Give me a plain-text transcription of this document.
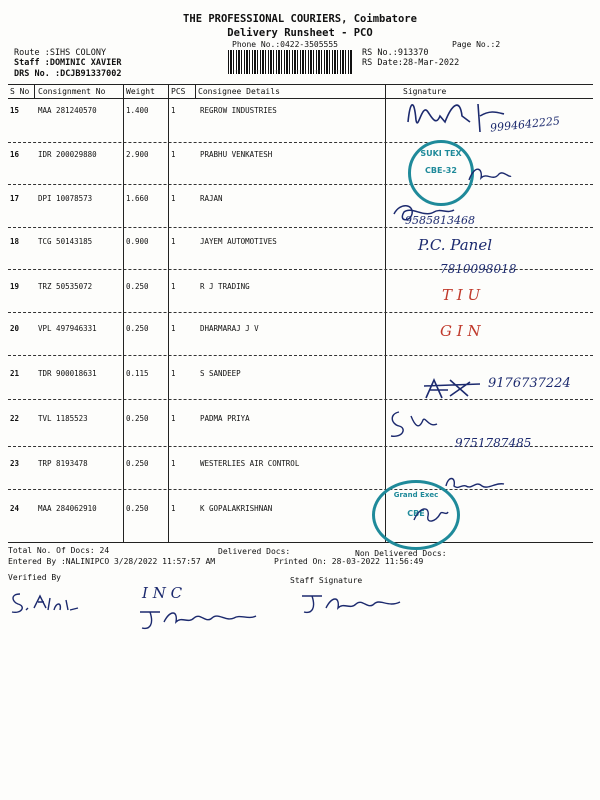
THE PROFESSIONAL COURIERS, Coimbatore
Delivery Runsheet - PCO
Phone No.:0422-3505555	Page No.:2
Route :SIHS COLONY
Staff :DOMINIC XAVIER
DRS No. :DCJB91337002
RS No.:913370
RS Date:28-Mar-2022
S No Consignment No	Weight PCS Consignee Details	Signature
15	MAA 281240570	1.400	1	REGROW INDUSTRIES
16	IDR 200029880	2.900	1	PRABHU VENKATESH
17	DPI 10078573	1.660	1	RAJAN
18	TCG 50143185	0.900	1	JAYEM AUTOMOTIVES
19	TRZ 50535072	0.250	1	R J TRADING
20	VPL 497946331	0.250	1	DHARMARAJ J V
21	TDR 900018631	0.115	1	S SANDEEP
22	TVL 1185523	0.250	1	PADMA PRIYA
23	TRP 8193478	0.250	1	WESTERLIES AIR CONTROL
24	MAA 284062910	0.250	1	K GOPALAKRISHNAN
9994642225
SUKI TEX
CBE-32
9585813468
P.C. Panel
7810098018
T I U
G I N
9176737224
9751787485
Grand Exec
CBE
Total No. Of Docs: 24	Delivered Docs:	Non Delivered Docs:
Entered By :NALINIPCO 3/28/2022 11:57:57 AM	Printed On: 28-03-2022 11:56:49
Verified By	Staff Signature
I N C
